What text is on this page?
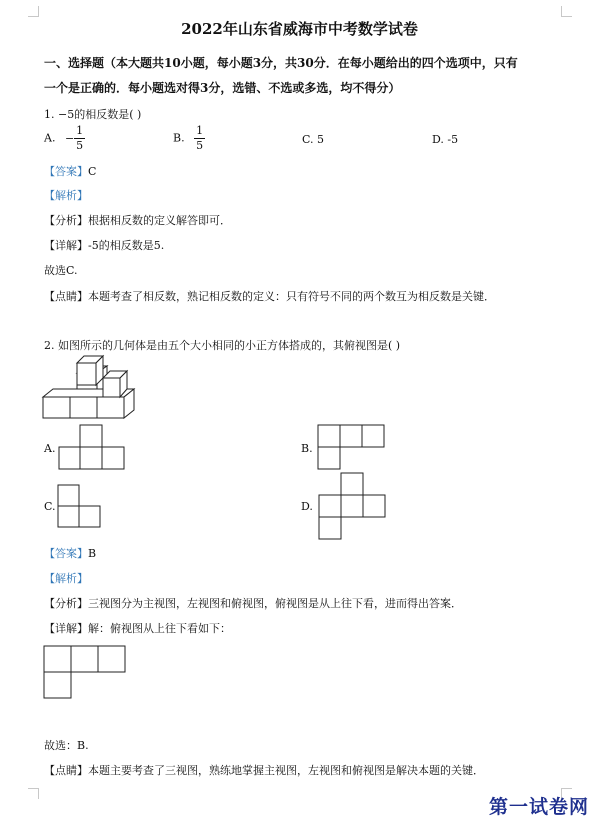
2022年山东省威海市中考数学试卷
一、选择题（本大题共10小题，每小题3分，共30分．在每小题给出的四个选项中，只有
一个是正确的．每小题选对得3分，选错、不选或多选，均不得分）
1. −5的相反数是( )
A. − $\frac{1}{5}$	B. $\frac{1}{5}$	C. 5	D. -5
【答案】C
【解析】
【分析】根据相反数的定义解答即可．
【详解】-5的相反数是5.
故选C.
【点睛】本题考查了相反数，熟记相反数的定义：只有符号不同的两个数互为相反数是关键．
2. 如图所示的几何体是由五个大小相同的小正方体搭成的，其俯视图是( )
A.	B.
C.	D.
【答案】B
【解析】
【分析】三视图分为主视图，左视图和俯视图，俯视图是从上往下看，进而得出答案．
【详解】解：俯视图从上往下看如下：
故选：B.
【点睛】本题主要考查了三视图，熟练地掌握主视图，左视图和俯视图是解决本题的关键．
第一试卷网
